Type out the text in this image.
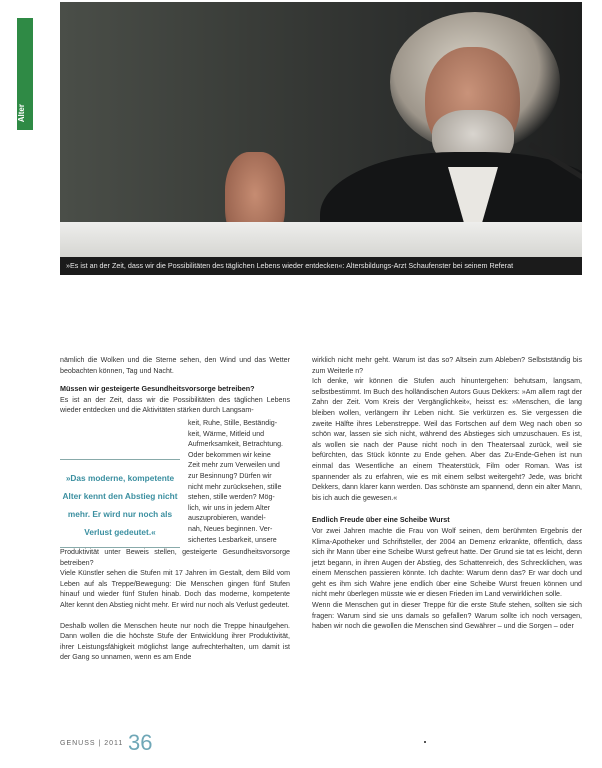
Alter
»Es ist an der Zeit, dass wir die Possibilitäten des täglichen Lebens wieder entdecken«: Altersbildungs-Arzt Schaufenster bei seinem Referat

nämlich die Wolken und die Sterne sehen, den Wind und das Wetter beobachten können, Tag und Nacht.

Müssen wir gesteigerte Gesundheitsvorsorge betreiben?

Es ist an der Zeit, dass wir die Possibilitäten des täglichen Lebens wieder entdecken und die Aktivitäten stärken durch Langsam-

keit, Ruhe, Stille, Beständig-
keit, Wärme, Mitleid und
Aufmerksamkeit, Betrachtung.
Oder bekommen wir keine
Zeit mehr zum Verweilen und
zur Besinnung? Dürfen wir
nicht mehr zurücksehen, stille
stehen, stille werden? Mög-
lich, wir uns in jedem Alter
auszuprobieren, wandel-
nah, Neues beginnen. Ver-
sichertes Lesbarkeit, unsere
»Das moderne, kompetente Alter kennt den Abstieg nicht mehr. Er wird nur noch als Verlust gedeutet.«

Produktivität unter Beweis stellen, gesteigerte Gesundheitsvorsorge betreiben?

Viele Künstler sehen die Stufen mit 17 Jahren im Gestalt, dem Bild vom Leben auf als Treppe/Bewegung: Die Menschen gingen fünf Stufen hinauf und wieder fünf Stufen hinab. Doch das moderne, kompetente Alter kennt den Abstieg nicht mehr. Er wird nur noch als Verlust gedeutet.

Deshalb wollen die Menschen heute nur noch die Treppe hinaufgehen. Dann wollen die die höchste Stufe der Entwicklung ihrer Produktivität, ihrer Leistungsfähigkeit möglichst lange aufrechterhalten, um damit ist der Gang so unnamen, wenn es am Ende

wirklich nicht mehr geht. Warum ist das so? Altsein zum Ableben? Selbstständig bis zum Weiterle n?

Ich denke, wir können die Stufen auch hinuntergehen: behutsam, langsam, selbstbestimmt. Im Buch des holländischen Autors Guus Dekkers: »Am allem ragt der Zahn der Zeit. Vom Kreis der Vergänglichkeit«, heisst es: »Menschen, die lang bleiben wollen, verlängern ihr Leben nicht. Sie verkürzen es. Sie vergessen die zweite Hälfte ihres Lebenstreppe. Weil das Fortschen auf dem Weg nach oben so schön war, lassen sie sich nicht, während des Abstieges sich umzuschauen. Es ist, als wollen sie nach der Pause nicht noch in den Theatersaal zurück, weil sie befürchten, das Stück könnte zu Ende gehen. Aber das Zu-Ende-Gehen ist nun einmal das Wesentliche an einem Theaterstück, Film oder Roman. Was ist spannender als zu erfahren, wie es mit einem selbst weitergeht? Jede, was bricht Dekkers, dann klarer kann werden. Das schönste am spannend, denn ein alter Mann, bis ich auch die gewesen.«

Endlich Freude über eine Scheibe Wurst

Vor zwei Jahren machte die Frau von Wolf seinen, dem berühmten Ergebnis der Klima-Apotheker und Schriftsteller, der 2004 an Demenz erkrankte, öffentlich, dass sich ihr Mann über eine Scheibe Wurst gefreut hatte. Der Grund sie tat es leicht, denn jetzt begann, in ihren Augen der Abstieg, des Schattenreich, des Schrecklichen, was einem Menschen passieren könnte. Ich dachte: Warum denn das? Er war doch und geht es ihm sich Wahre jene endlich über eine Scheibe Wurst freuen können und nicht mehr überlegen müsste wie er diesen Frieden im Land verwirklichen solle.

Wenn die Menschen gut in dieser Treppe für die erste Stufe stehen, sollten sie sich fragen: Warum sind sie uns damals so gefallen? Warum sollte ich noch versagen, haben wir noch die gewollen die Menschen sind Gewährer – und die Sorgen – oder

GENUSS | 2011 36
